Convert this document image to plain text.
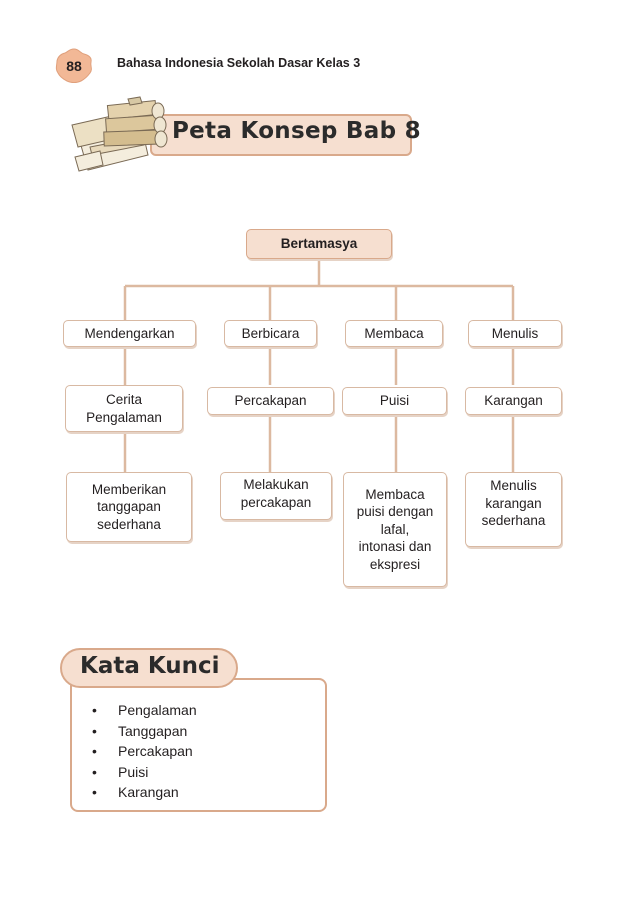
88	Bahasa Indonesia Sekolah Dasar Kelas 3
Peta Konsep Bab 8
Bertamasya
Mendengarkan	Berbicara	Membaca	Menulis
Cerita
Pengalaman
Percakapan	Puisi	Karangan
Memberikan
tanggapan
sederhana
Melakukan
percakapan
Membaca
puisi dengan
lafal,
intonasi dan
ekspresi
Menulis
karangan
sederhana
Kata Kunci
• Pengalaman
• Tanggapan
• Percakapan
• Puisi
• Karangan
